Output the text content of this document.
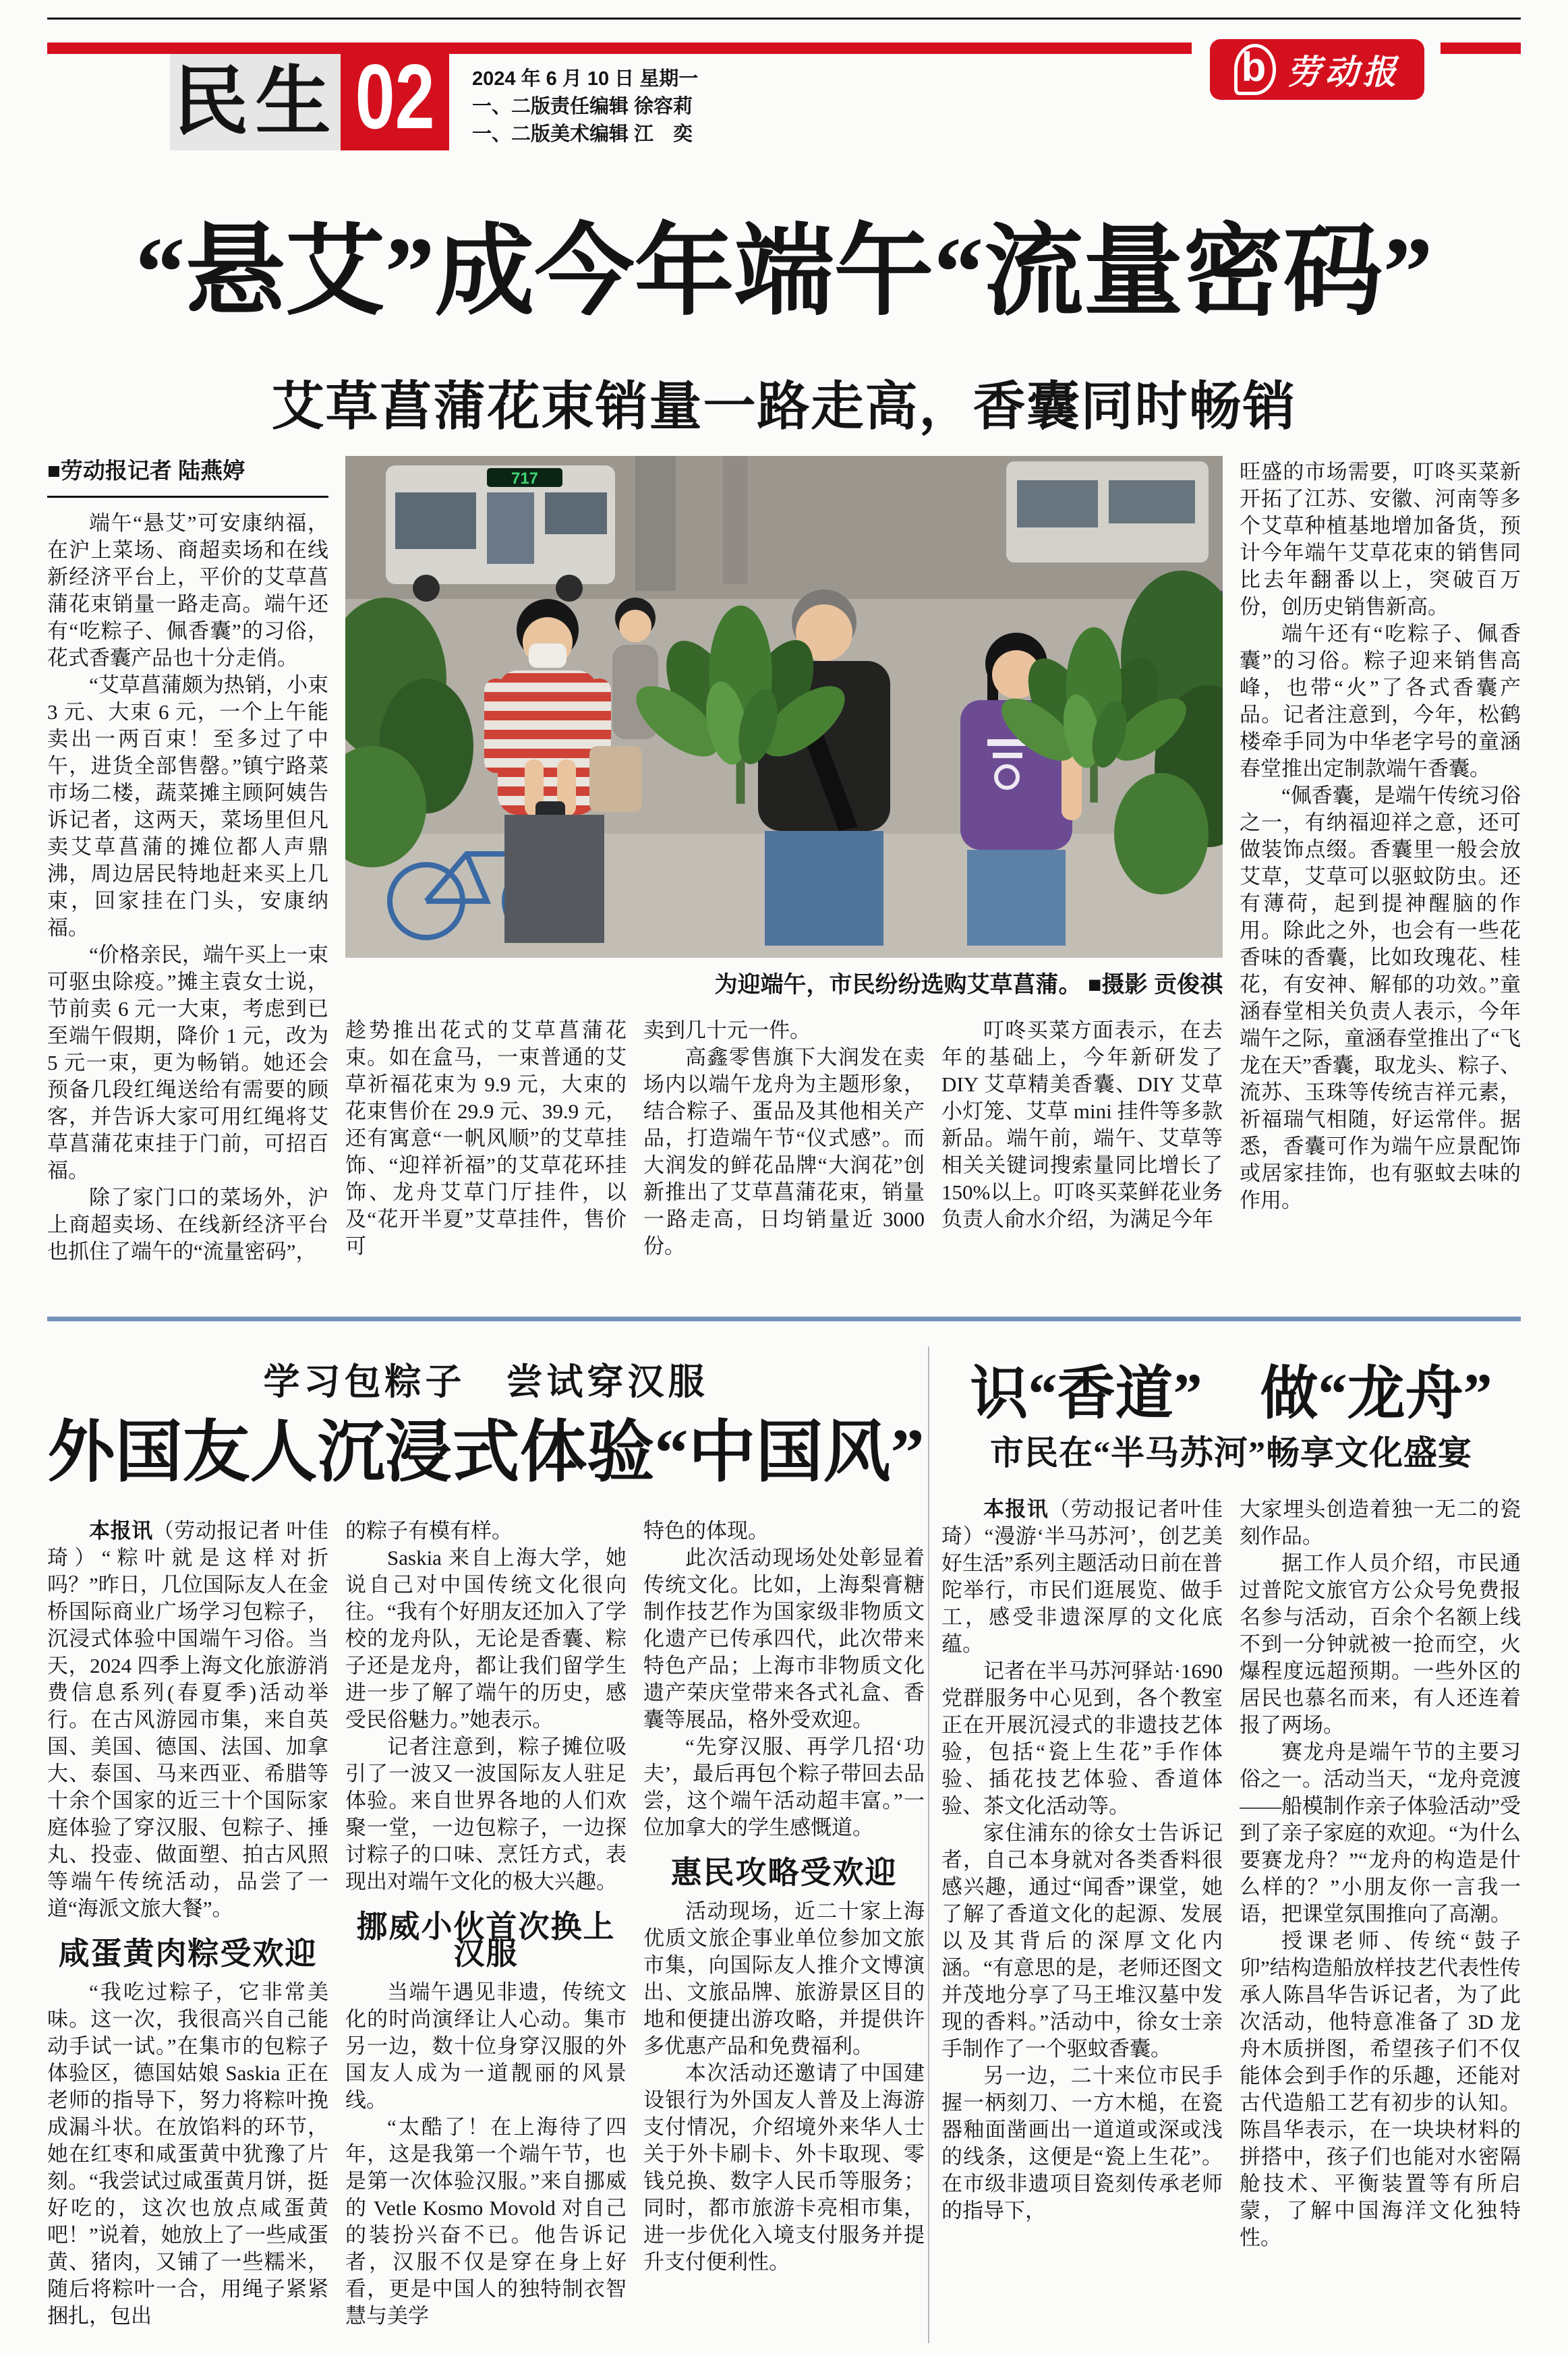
民生 02 2024 年 6 月 10 日 星期一
一、二版责任编辑 徐容莉
一、二版美术编辑 江　奕
b 劳动报
“悬艾”成今年端午“流量密码”
艾草菖蒲花束销量一路走高，香囊同时畅销
■劳动报记者 陆燕婷

端午“悬艾”可安康纳福，在沪上菜场、商超卖场和在线新经济平台上，平价的艾草菖蒲花束销量一路走高。端午还有“吃粽子、佩香囊”的习俗，花式香囊产品也十分走俏。

“艾草菖蒲颇为热销，小束 3 元、大束 6 元，一个上午能卖出一两百束！至多过了中午，进货全部售罄。”镇宁路菜市场二楼，蔬菜摊主顾阿姨告诉记者，这两天，菜场里但凡卖艾草菖蒲的摊位都人声鼎沸，周边居民特地赶来买上几束，回家挂在门头，安康纳福。

“价格亲民，端午买上一束可驱虫除疫。”摊主袁女士说，节前卖 6 元一大束，考虑到已至端午假期，降价 1 元，改为 5 元一束，更为畅销。她还会预备几段红绳送给有需要的顾客，并告诉大家可用红绳将艾草菖蒲花束挂于门前，可招百福。

除了家门口的菜场外，沪上商超卖场、在线新经济平台也抓住了端午的“流量密码”，

717
为迎端午，市民纷纷选购艾草菖蒲。 ■摄影 贡俊祺

趁势推出花式的艾草菖蒲花束。如在盒马，一束普通的艾草祈福花束为 9.9 元，大束的花束售价在 29.9 元、39.9 元，还有寓意“一帆风顺”的艾草挂饰、“迎祥祈福”的艾草花环挂饰、龙舟艾草门厅挂件，以及“花开半夏”艾草挂件，售价可

卖到几十元一件。

高鑫零售旗下大润发在卖场内以端午龙舟为主题形象，结合粽子、蛋品及其他相关产品，打造端午节“仪式感”。而大润发的鲜花品牌“大润花”创新推出了艾草菖蒲花束，销量一路走高，日均销量近 3000 份。

叮咚买菜方面表示，在去年的基础上，今年新研发了 DIY 艾草精美香囊、DIY 艾草小灯笼、艾草 mini 挂件等多款新品。端午前，端午、艾草等相关关键词搜索量同比增长了 150%以上。叮咚买菜鲜花业务负责人俞水介绍，为满足今年

旺盛的市场需要，叮咚买菜新开拓了江苏、安徽、河南等多个艾草种植基地增加备货，预计今年端午艾草花束的销售同比去年翻番以上，突破百万份，创历史销售新高。

端午还有“吃粽子、佩香囊”的习俗。粽子迎来销售高峰，也带“火”了各式香囊产品。记者注意到，今年，松鹤楼牵手同为中华老字号的童涵春堂推出定制款端午香囊。

“佩香囊，是端午传统习俗之一，有纳福迎祥之意，还可做装饰点缀。香囊里一般会放艾草，艾草可以驱蚊防虫。还有薄荷，起到提神醒脑的作用。除此之外，也会有一些花香味的香囊，比如玫瑰花、桂花，有安神、解郁的功效。”童涵春堂相关负责人表示，今年端午之际，童涵春堂推出了“飞龙在天”香囊，取龙头、粽子、流苏、玉珠等传统吉祥元素，祈福瑞气相随，好运常伴。据悉，香囊可作为端午应景配饰或居家挂饰，也有驱蚊去味的作用。

学习包粽子　尝试穿汉服
外国友人沉浸式体验“中国风”

本报讯（劳动报记者 叶佳琦）“粽叶就是这样对折吗？”昨日，几位国际友人在金桥国际商业广场学习包粽子，沉浸式体验中国端午习俗。当天，2024 四季上海文化旅游消费信息系列(春夏季)活动举行。在古风游园市集，来自英国、美国、德国、法国、加拿大、泰国、马来西亚、希腊等十余个国家的近三十个国际家庭体验了穿汉服、包粽子、捶丸、投壶、做面塑、拍古风照等端午传统活动，品尝了一道“海派文旅大餐”。

咸蛋黄肉粽受欢迎

“我吃过粽子，它非常美味。这一次，我很高兴自己能动手试一试。”在集市的包粽子体验区，德国姑娘 Saskia 正在老师的指导下，努力将粽叶挽成漏斗状。在放馅料的环节，她在红枣和咸蛋黄中犹豫了片刻。“我尝试过咸蛋黄月饼，挺好吃的，这次也放点咸蛋黄吧！”说着，她放上了一些咸蛋黄、猪肉，又铺了一些糯米，随后将粽叶一合，用绳子紧紧捆扎，包出

的粽子有模有样。

Saskia 来自上海大学，她说自己对中国传统文化很向往。“我有个好朋友还加入了学校的龙舟队，无论是香囊、粽子还是龙舟，都让我们留学生进一步了解了端午的历史，感受民俗魅力。”她表示。

记者注意到，粽子摊位吸引了一波又一波国际友人驻足体验。来自世界各地的人们欢聚一堂，一边包粽子，一边探讨粽子的口味、烹饪方式，表现出对端午文化的极大兴趣。

挪威小伙首次换上汉服

当端午遇见非遗，传统文化的时尚演绎让人心动。集市另一边，数十位身穿汉服的外国友人成为一道靓丽的风景线。

“太酷了！在上海待了四年，这是我第一个端午节，也是第一次体验汉服。”来自挪威的 Vetle Kosmo Movold 对自己的装扮兴奋不已。他告诉记者，汉服不仅是穿在身上好看，更是中国人的独特制衣智慧与美学

特色的体现。

此次活动现场处处彰显着传统文化。比如，上海梨膏糖制作技艺作为国家级非物质文化遗产已传承四代，此次带来特色产品；上海市非物质文化遗产荣庆堂带来各式礼盒、香囊等展品，格外受欢迎。

“先穿汉服、再学几招‘功夫’，最后再包个粽子带回去品尝，这个端午活动超丰富。”一位加拿大的学生感慨道。

惠民攻略受欢迎

活动现场，近二十家上海优质文旅企事业单位参加文旅市集，向国际友人推介文博演出、文旅品牌、旅游景区目的地和便捷出游攻略，并提供许多优惠产品和免费福利。

本次活动还邀请了中国建设银行为外国友人普及上海游支付情况，介绍境外来华人士关于外卡刷卡、外卡取现、零钱兑换、数字人民币等服务；同时，都市旅游卡亮相市集，进一步优化入境支付服务并提升支付便利性。

识“香道”　做“龙舟”
市民在“半马苏河”畅享文化盛宴

本报讯（劳动报记者叶佳琦）“漫游‘半马苏河’，创艺美好生活”系列主题活动日前在普陀举行，市民们逛展览、做手工，感受非遗深厚的文化底蕴。

记者在半马苏河驿站·1690 党群服务中心见到，各个教室正在开展沉浸式的非遗技艺体验，包括“瓷上生花”手作体验、插花技艺体验、香道体验、茶文化活动等。

家住浦东的徐女士告诉记者，自己本身就对各类香料很感兴趣，通过“闻香”课堂，她了解了香道文化的起源、发展以及其背后的深厚文化内涵。“有意思的是，老师还图文并茂地分享了马王堆汉墓中发现的香料。”活动中，徐女士亲手制作了一个驱蚊香囊。

另一边，二十来位市民手握一柄刻刀、一方木槌，在瓷器釉面凿画出一道道或深或浅的线条，这便是“瓷上生花”。在市级非遗项目瓷刻传承老师的指导下，

大家埋头创造着独一无二的瓷刻作品。

据工作人员介绍，市民通过普陀文旅官方公众号免费报名参与活动，百余个名额上线不到一分钟就被一抢而空，火爆程度远超预期。一些外区的居民也慕名而来，有人还连着报了两场。

赛龙舟是端午节的主要习俗之一。活动当天，“龙舟竞渡——船模制作亲子体验活动”受到了亲子家庭的欢迎。“为什么要赛龙舟？”“龙舟的构造是什么样的？”小朋友你一言我一语，把课堂氛围推向了高潮。

授课老师、传统“鼓子卯”结构造船放样技艺代表性传承人陈昌华告诉记者，为了此次活动，他特意准备了 3D 龙舟木质拼图，希望孩子们不仅能体会到手作的乐趣，还能对古代造船工艺有初步的认知。陈昌华表示，在一块块材料的拼搭中，孩子们也能对水密隔舱技术、平衡装置等有所启蒙，了解中国海洋文化独特性。
